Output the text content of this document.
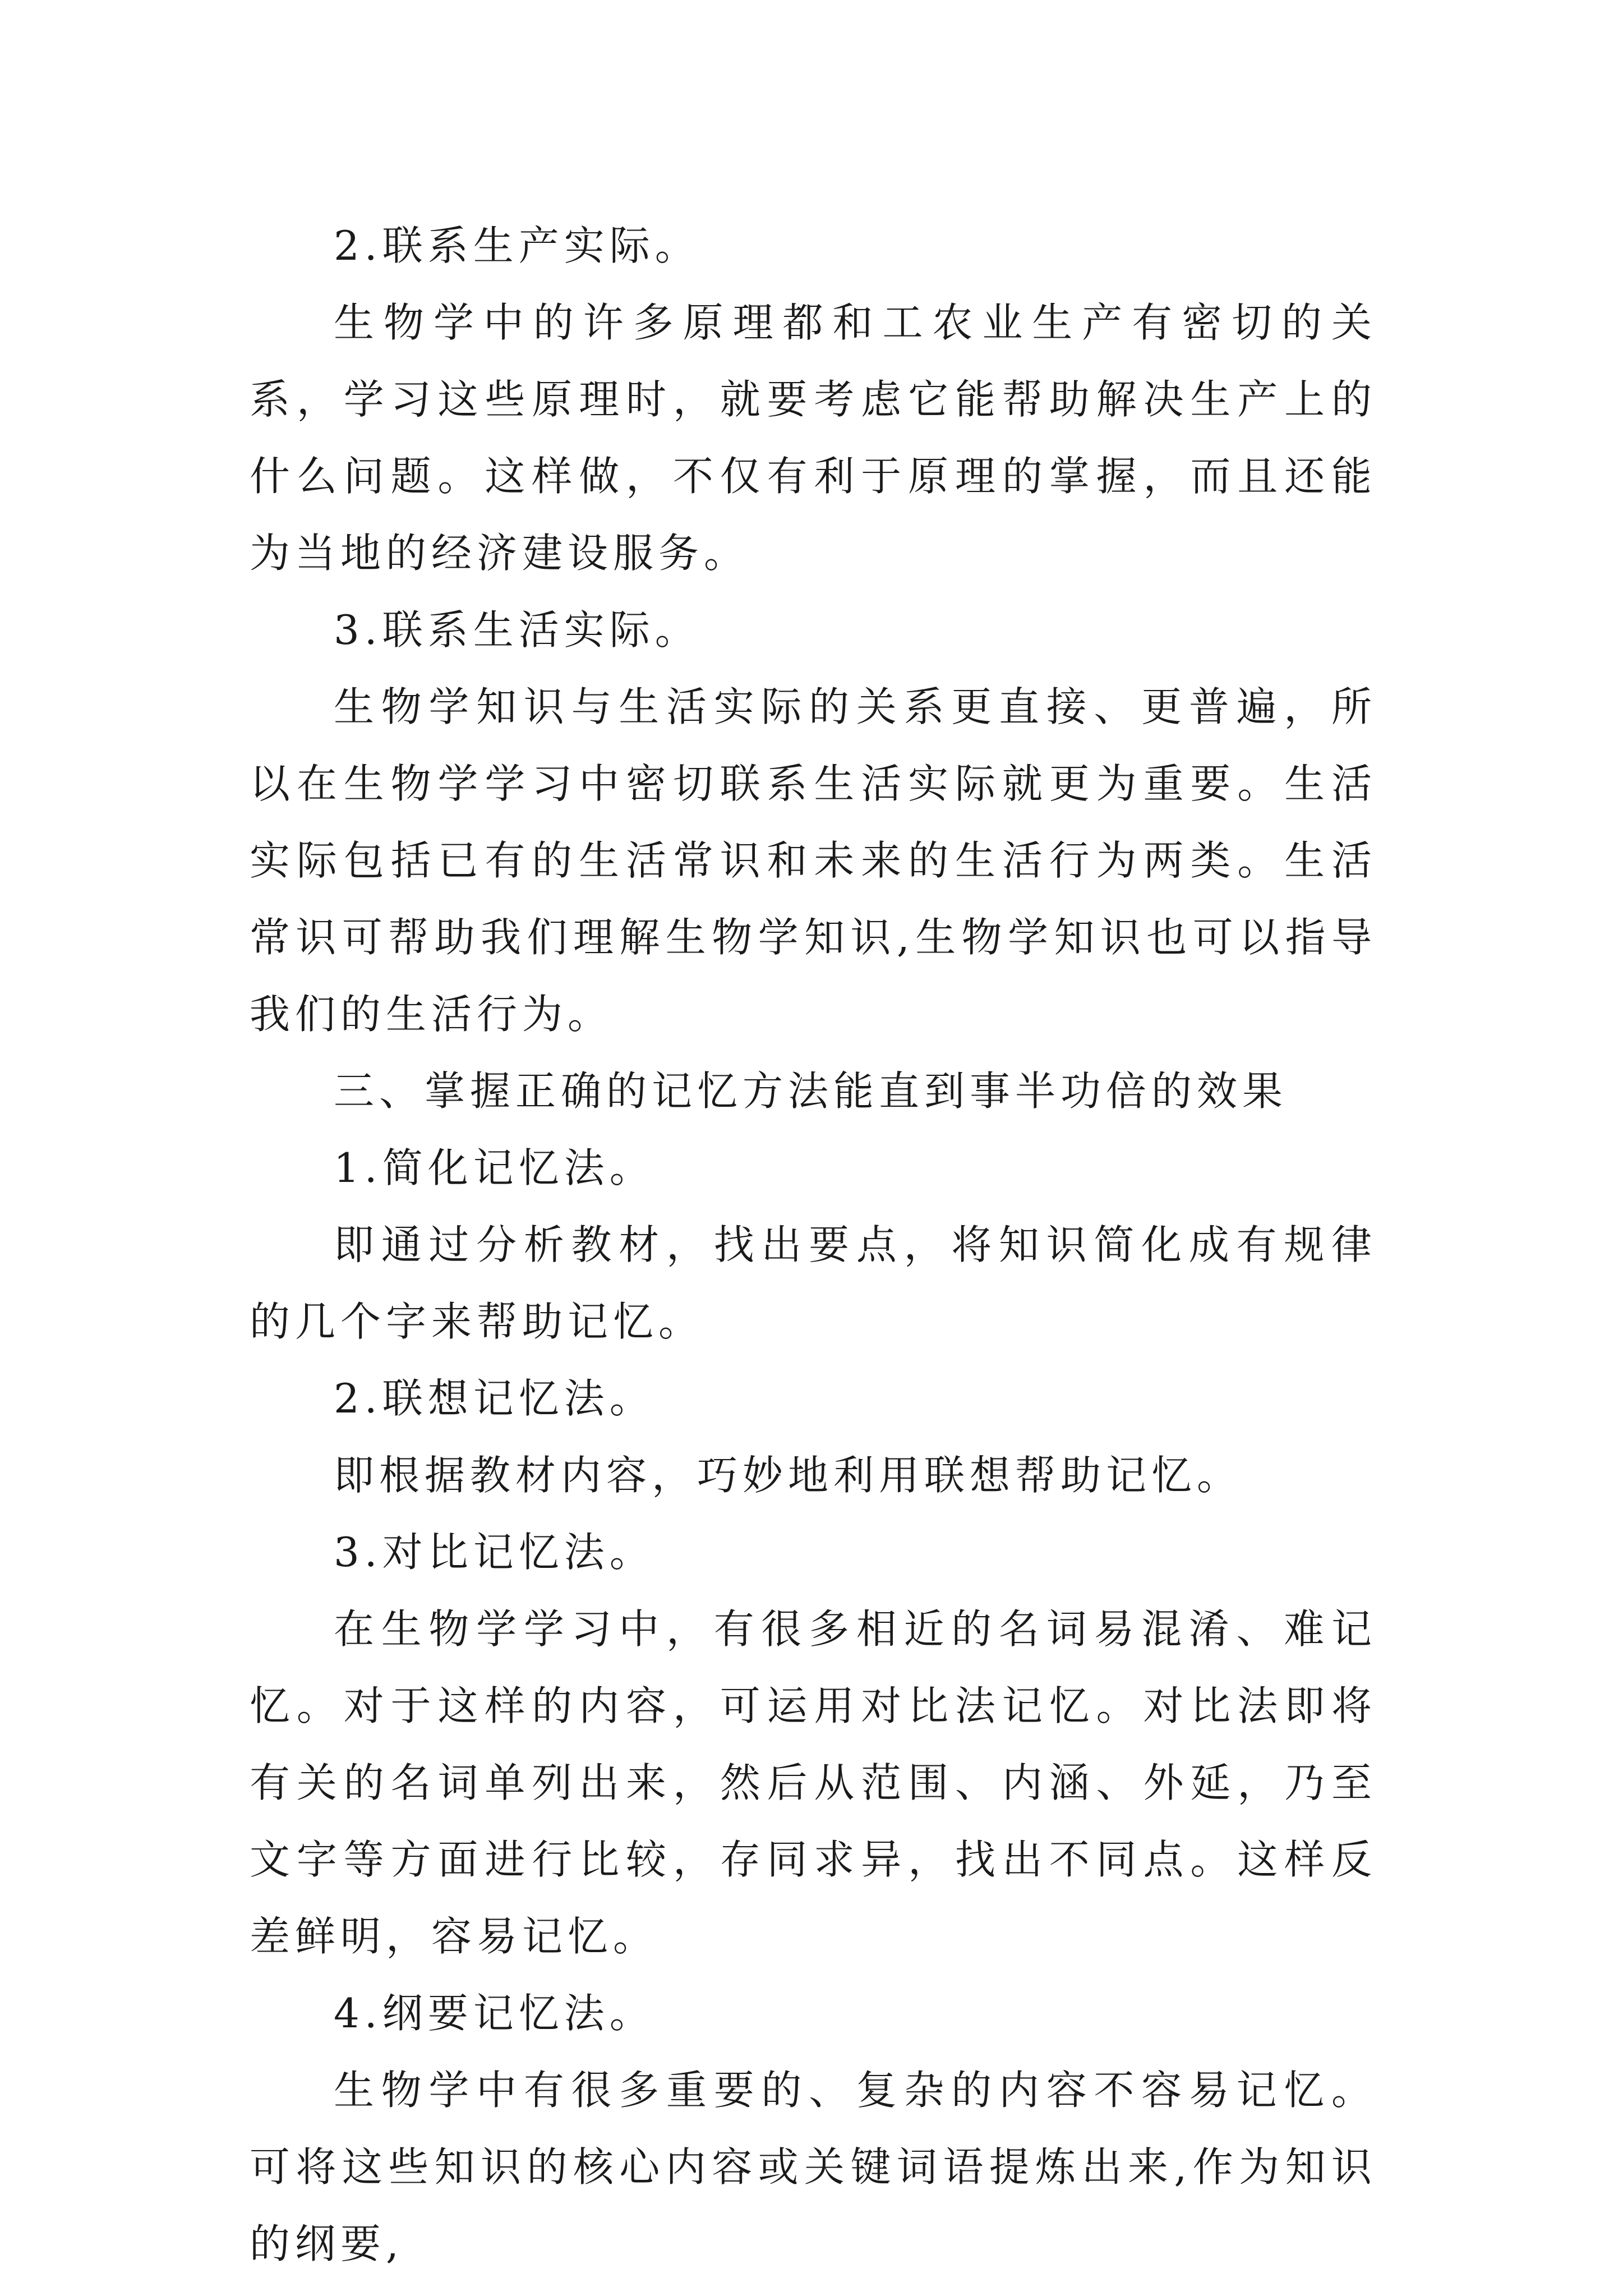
2.联系生产实际。

生物学中的许多原理都和工农业生产有密切的关系，学习这些原理时，就要考虑它能帮助解决生产上的什么问题。这样做，不仅有利于原理的掌握，而且还能为当地的经济建设服务。

3.联系生活实际。

生物学知识与生活实际的关系更直接、更普遍，所以在生物学学习中密切联系生活实际就更为重要。生活实际包括已有的生活常识和未来的生活行为两类。生活常识可帮助我们理解生物学知识,生物学知识也可以指导我们的生活行为。

三、掌握正确的记忆方法能直到事半功倍的效果

1.简化记忆法。

即通过分析教材，找出要点，将知识简化成有规律的几个字来帮助记忆。

2.联想记忆法。

即根据教材内容，巧妙地利用联想帮助记忆。

3.对比记忆法。

在生物学学习中，有很多相近的名词易混淆、难记忆。对于这样的内容，可运用对比法记忆。对比法即将有关的名词单列出来，然后从范围、内涵、外延，乃至文字等方面进行比较，存同求异，找出不同点。这样反差鲜明，容易记忆。

4.纲要记忆法。

生物学中有很多重要的、复杂的内容不容易记忆。可将这些知识的核心内容或关键词语提炼出来,作为知识的纲要,
